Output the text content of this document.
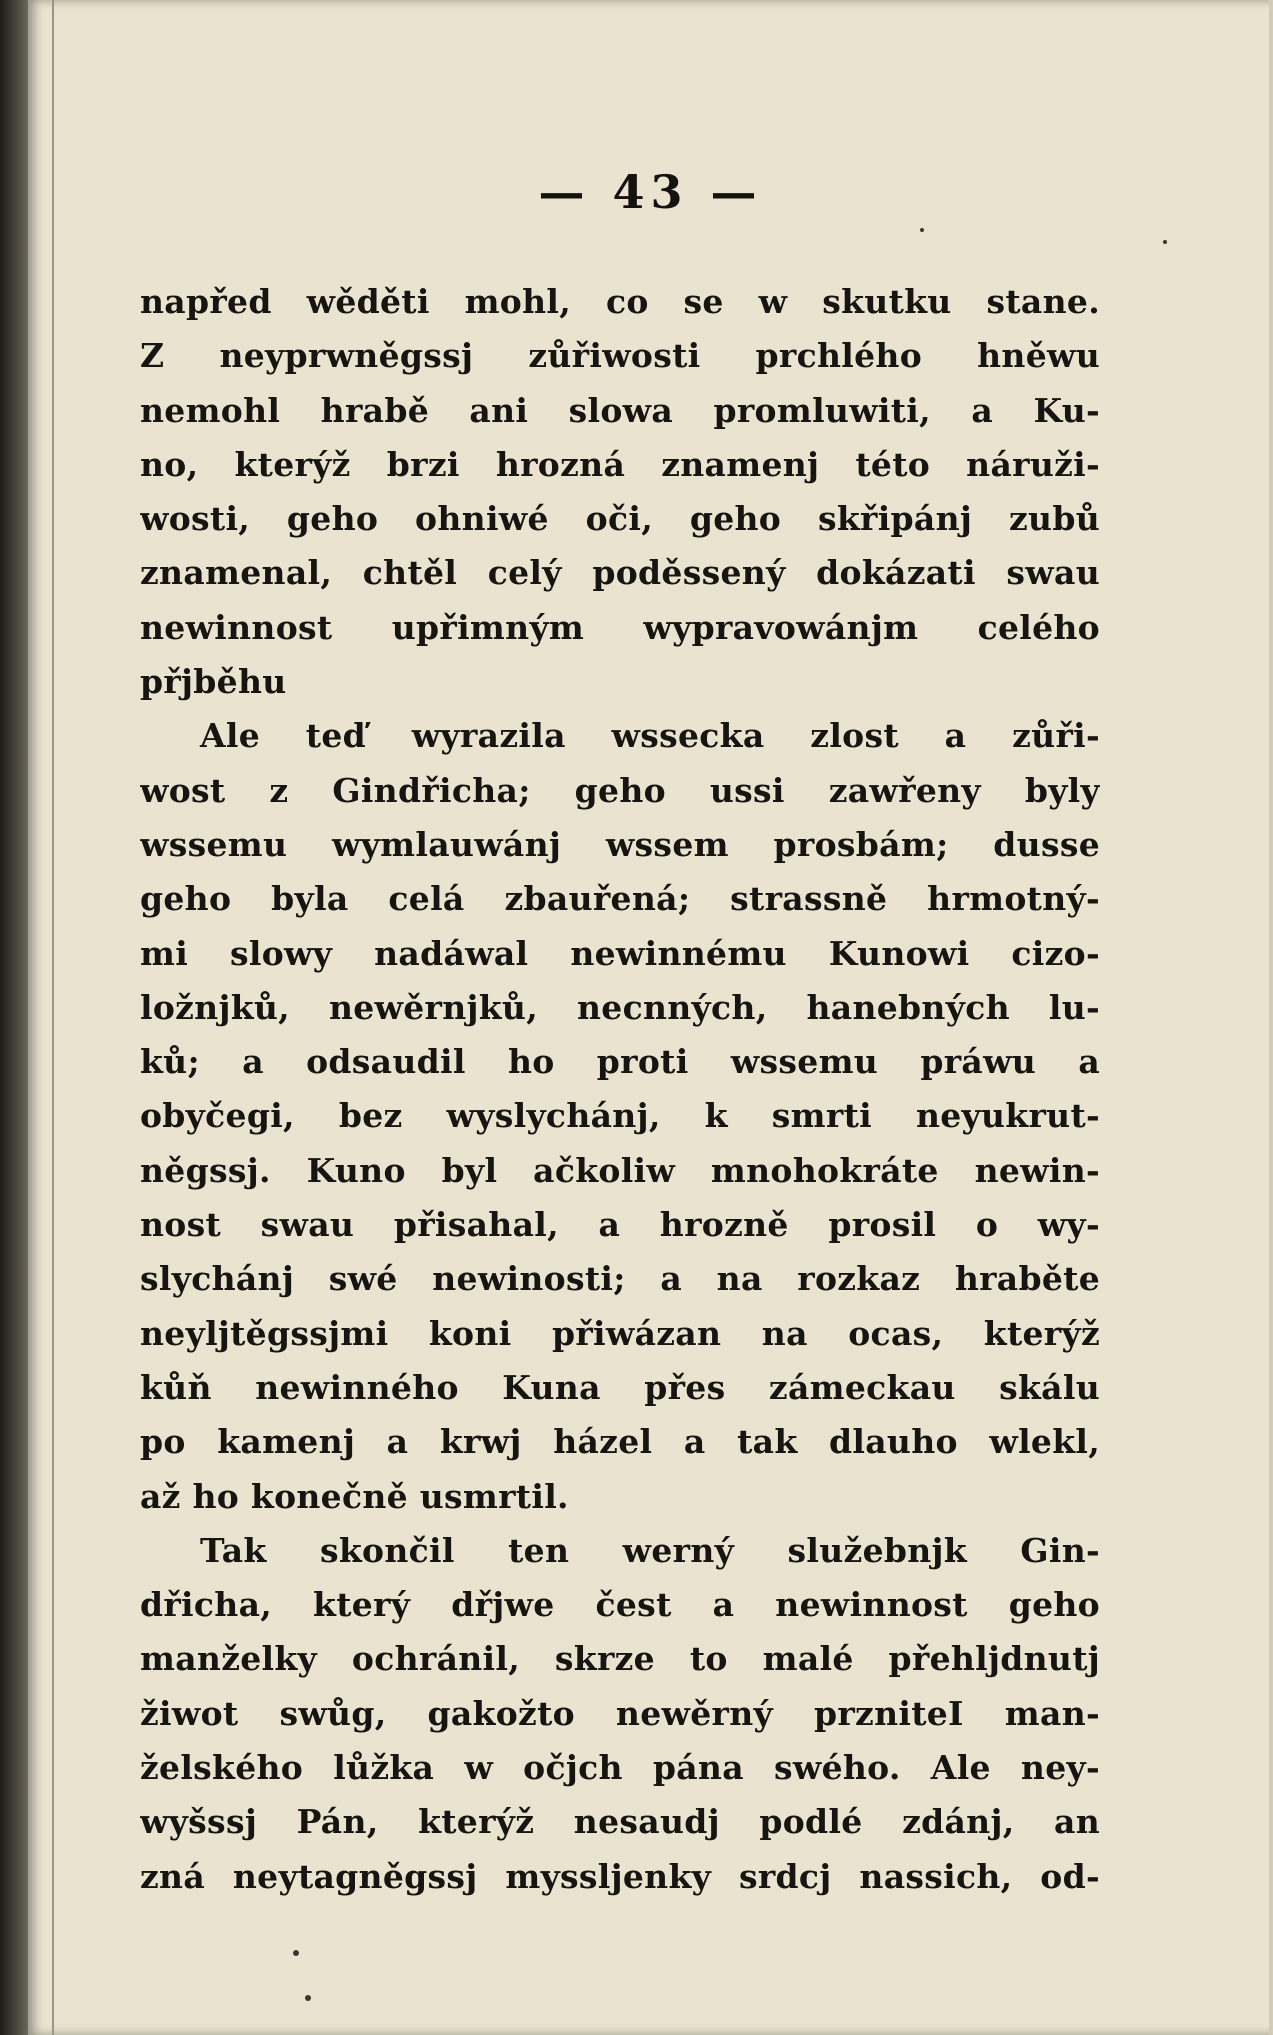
— 43 —
napřed wěděti mohl, co se w skutku stane.
Z neyprwněgssj zůřiwosti prchlého hněwu
nemohl hrabě ani slowa promluwiti, a Ku-
no, kterýž brzi hrozná znamenj této náruži-
wosti, geho ohniwé oči, geho skřipánj zubů
znamenal, chtěl celý poděssený dokázati swau
newinnost upřimným wypravowánjm celého
přjběhu
Ale teď wyrazila wssecka zlost a zůři-
wost z Gindřicha; geho ussi zawřeny byly
wssemu wymlauwánj wssem prosbám; dusse
geho byla celá zbauřená; strassně hrmotný-
mi slowy nadáwal newinnému Kunowi cizo-
ložnjků, newěrnjků, necnných, hanebných lu-
ků; a odsaudil ho proti wssemu práwu a
obyčegi, bez wyslychánj, k smrti neyukrut-
něgssj. Kuno byl ačkoliw mnohokráte newin-
nost swau přisahal, a hrozně prosil o wy-
slychánj swé newinosti; a na rozkaz hraběte
neyljtěgssjmi koni přiwázan na ocas, kterýž
kůň newinného Kuna přes zámeckau skálu
po kamenj a krwj házel a tak dlauho wlekl,
až ho konečně usmrtil.
Tak skončil ten werný služebnjk Gin-
dřicha, který dřjwe čest a newinnost geho
manželky ochránil, skrze to malé přehljdnutj
žiwot swůg, gakožto newěrný przniteI man-
želského lůžka w očjch pána swého. Ale ney-
wyšssj Pán, kterýž nesaudj podlé zdánj, an
zná neytagněgssj myssljenky srdcj nassich, od-
